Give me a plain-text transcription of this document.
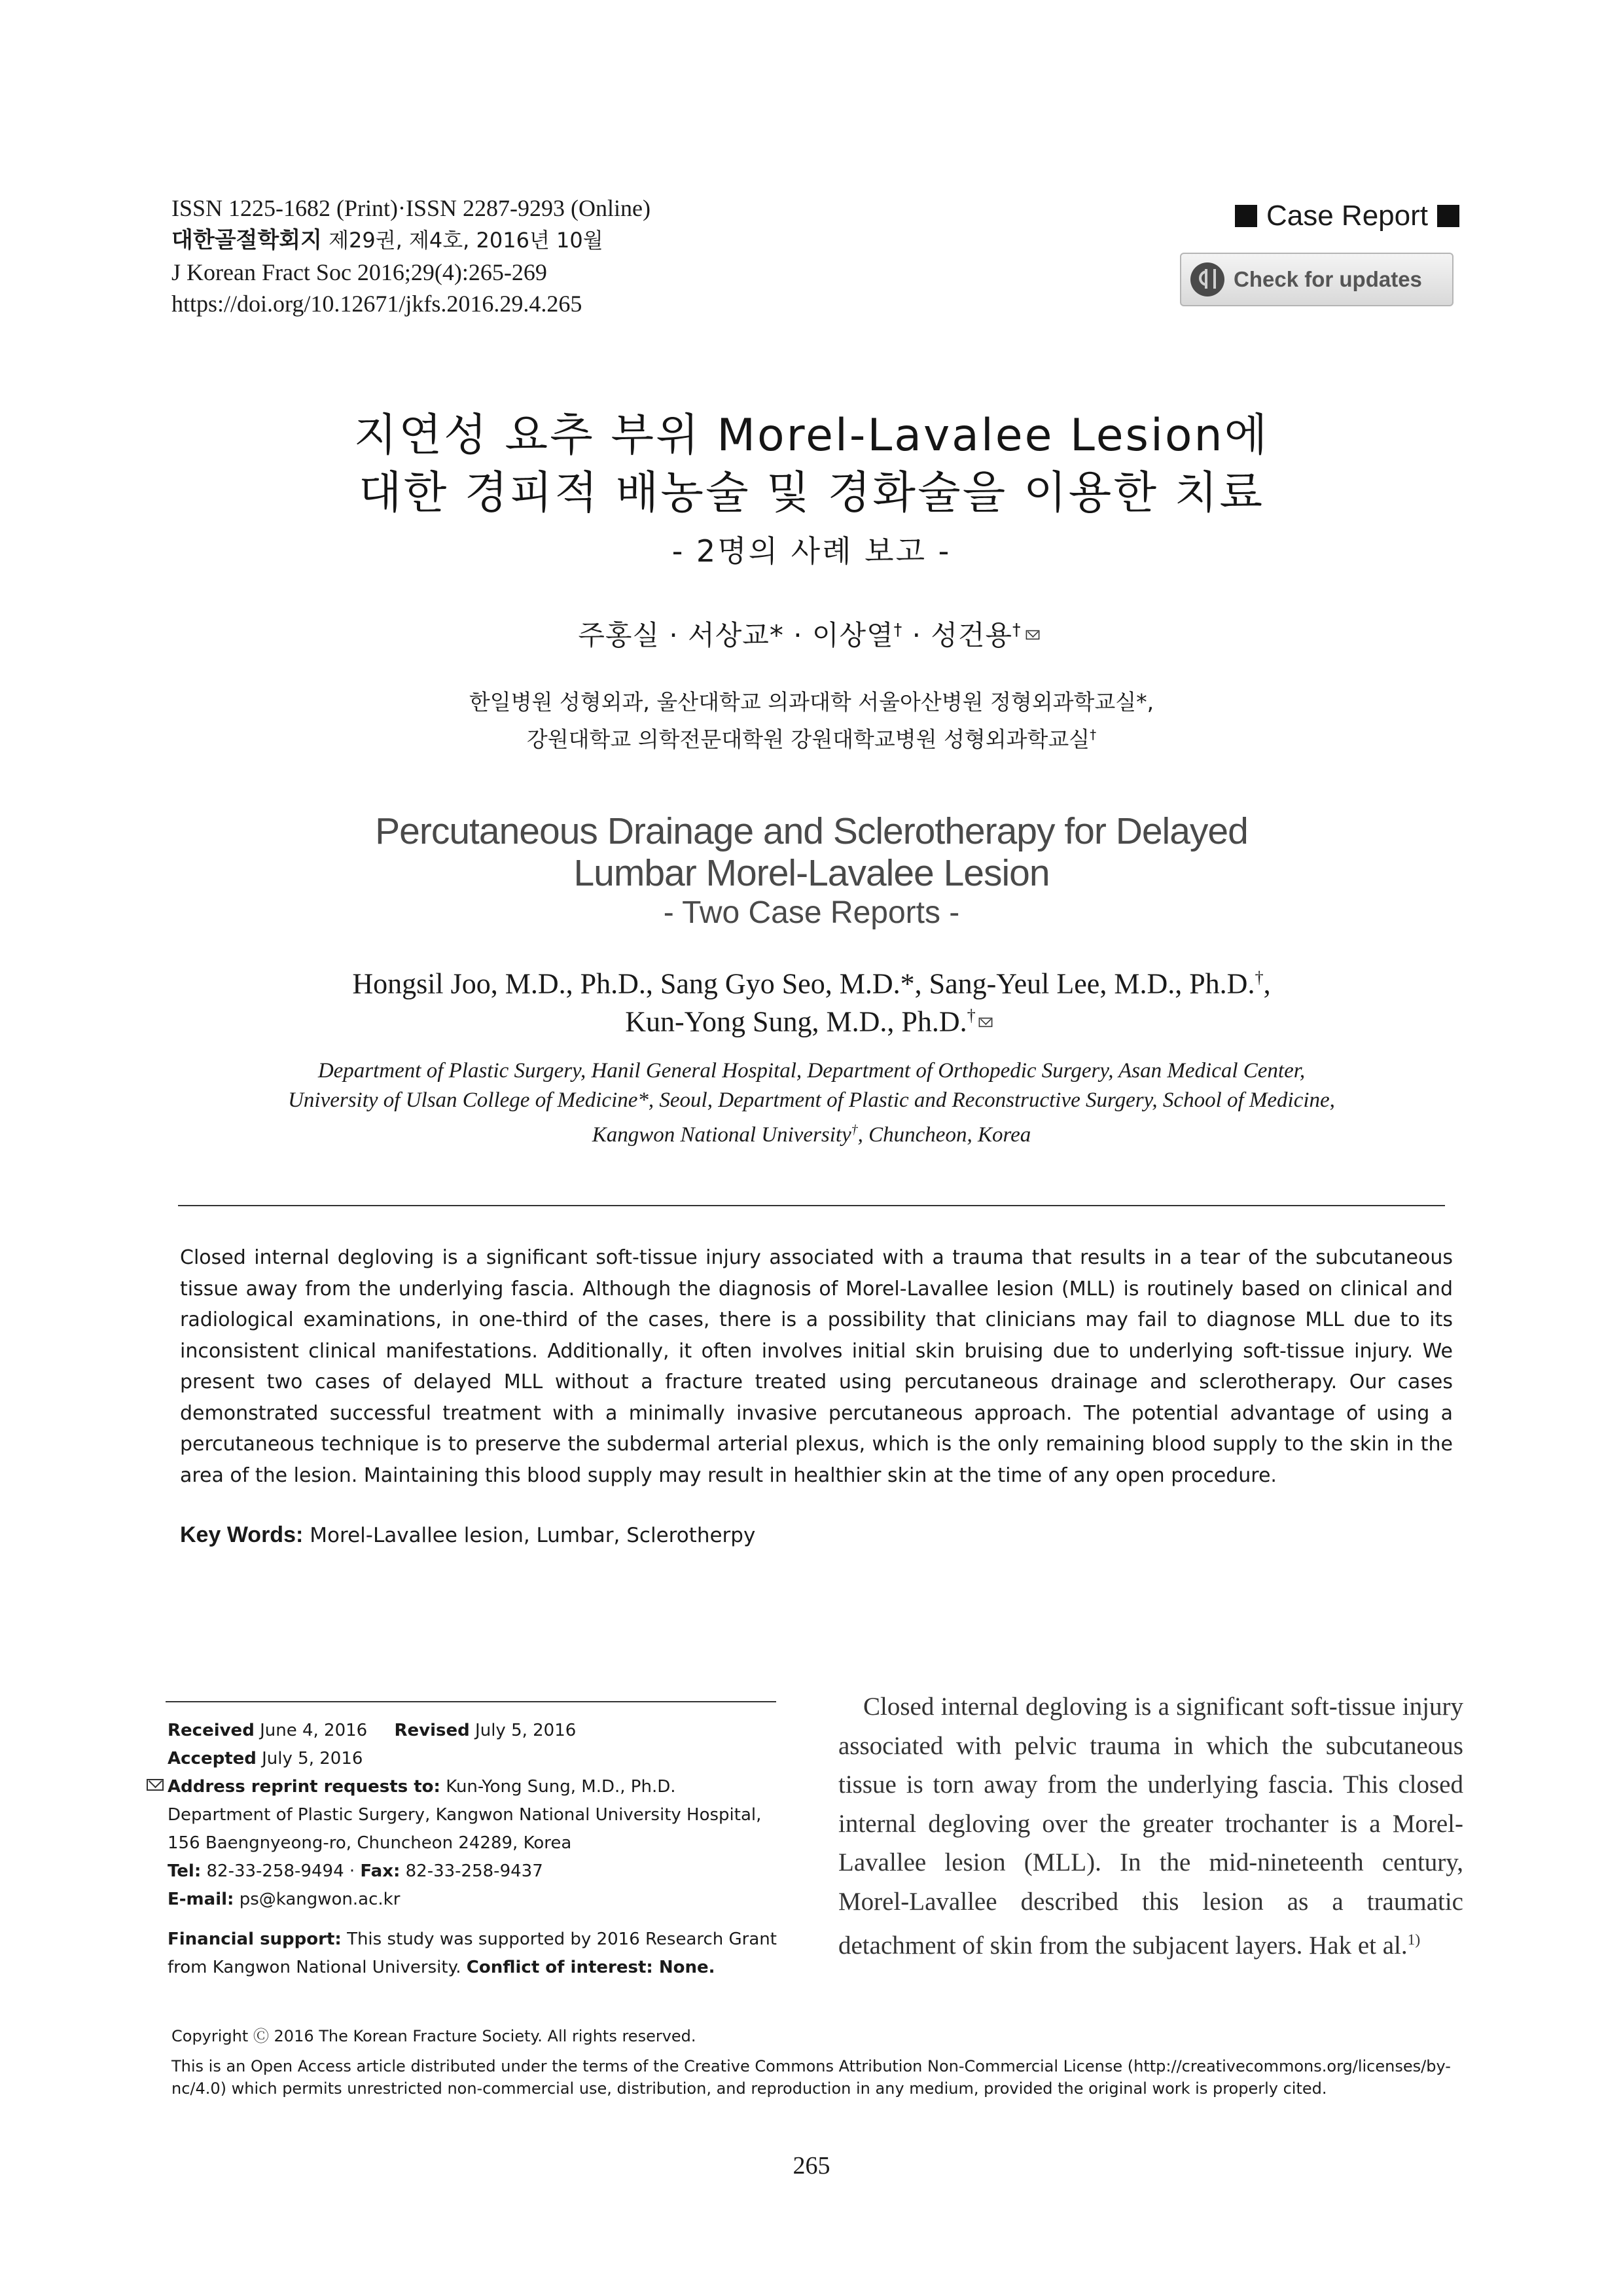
ISSN 1225-1682 (Print)·ISSN 2287-9293 (Online)
대한골절학회지 제29권, 제4호, 2016년 10월
J Korean Fract Soc 2016;29(4):265-269
https://doi.org/10.12671/jkfs.2016.29.4.265
Case Report
Check for updates
지연성 요추 부위 Morel-Lavalee Lesion에
대한 경피적 배농술 및 경화술을 이용한 치료
- 2명의 사례 보고 -
주홍실 · 서상교* · 이상열† · 성건용†
한일병원 성형외과, 울산대학교 의과대학 서울아산병원 정형외과학교실*,
강원대학교 의학전문대학원 강원대학교병원 성형외과학교실†
Percutaneous Drainage and Sclerotherapy for Delayed
Lumbar Morel-Lavalee Lesion
- Two Case Reports -
Hongsil Joo, M.D., Ph.D., Sang Gyo Seo, M.D.*, Sang-Yeul Lee, M.D., Ph.D.†,
Kun-Yong Sung, M.D., Ph.D.†
Department of Plastic Surgery, Hanil General Hospital, Department of Orthopedic Surgery, Asan Medical Center,
University of Ulsan College of Medicine*, Seoul, Department of Plastic and Reconstructive Surgery, School of Medicine,
Kangwon National University†, Chuncheon, Korea
Closed internal degloving is a significant soft-tissue injury associated with a trauma that results in a tear of the subcutaneous tissue away from the underlying fascia. Although the diagnosis of Morel-Lavallee lesion (MLL) is routinely based on clinical and radiological examinations, in one-third of the cases, there is a possibility that clinicians may fail to diagnose MLL due to its inconsistent clinical manifestations. Additionally, it often involves initial skin bruising due to underlying soft-tissue injury. We present two cases of delayed MLL without a fracture treated using percutaneous drainage and sclerotherapy. Our cases demonstrated successful treatment with a minimally invasive percutaneous approach. The potential advantage of using a percutaneous technique is to preserve the subdermal arterial plexus, which is the only remaining blood supply to the skin in the area of the lesion. Maintaining this blood supply may result in healthier skin at the time of any open procedure.
Key Words: Morel-Lavallee lesion, Lumbar, Sclerotherpy
Received June 4, 2016 Revised July 5, 2016
Accepted July 5, 2016
Address reprint requests to: Kun-Yong Sung, M.D., Ph.D.
Department of Plastic Surgery, Kangwon National University Hospital,
156 Baengnyeong-ro, Chuncheon 24289, Korea
Tel: 82-33-258-9494 · Fax: 82-33-258-9437
E-mail: ps@kangwon.ac.kr
Financial support: This study was supported by 2016 Research Grant from Kangwon National University. Conflict of interest: None.
Closed internal degloving is a significant soft-tissue injury associated with pelvic trauma in which the subcutaneous tissue is torn away from the underlying fascia. This closed internal degloving over the greater trochanter is a Morel-Lavallee lesion (MLL). In the mid-nineteenth century, Morel-Lavallee described this lesion as a traumatic detachment of skin from the subjacent layers. Hak et al.$^{1)}$
Copyright Ⓒ 2016 The Korean Fracture Society. All rights reserved.
This is an Open Access article distributed under the terms of the Creative Commons Attribution Non-Commercial License (http://creativecommons.org/licenses/by-nc/4.0) which permits unrestricted non-commercial use, distribution, and reproduction in any medium, provided the original work is properly cited.
265
